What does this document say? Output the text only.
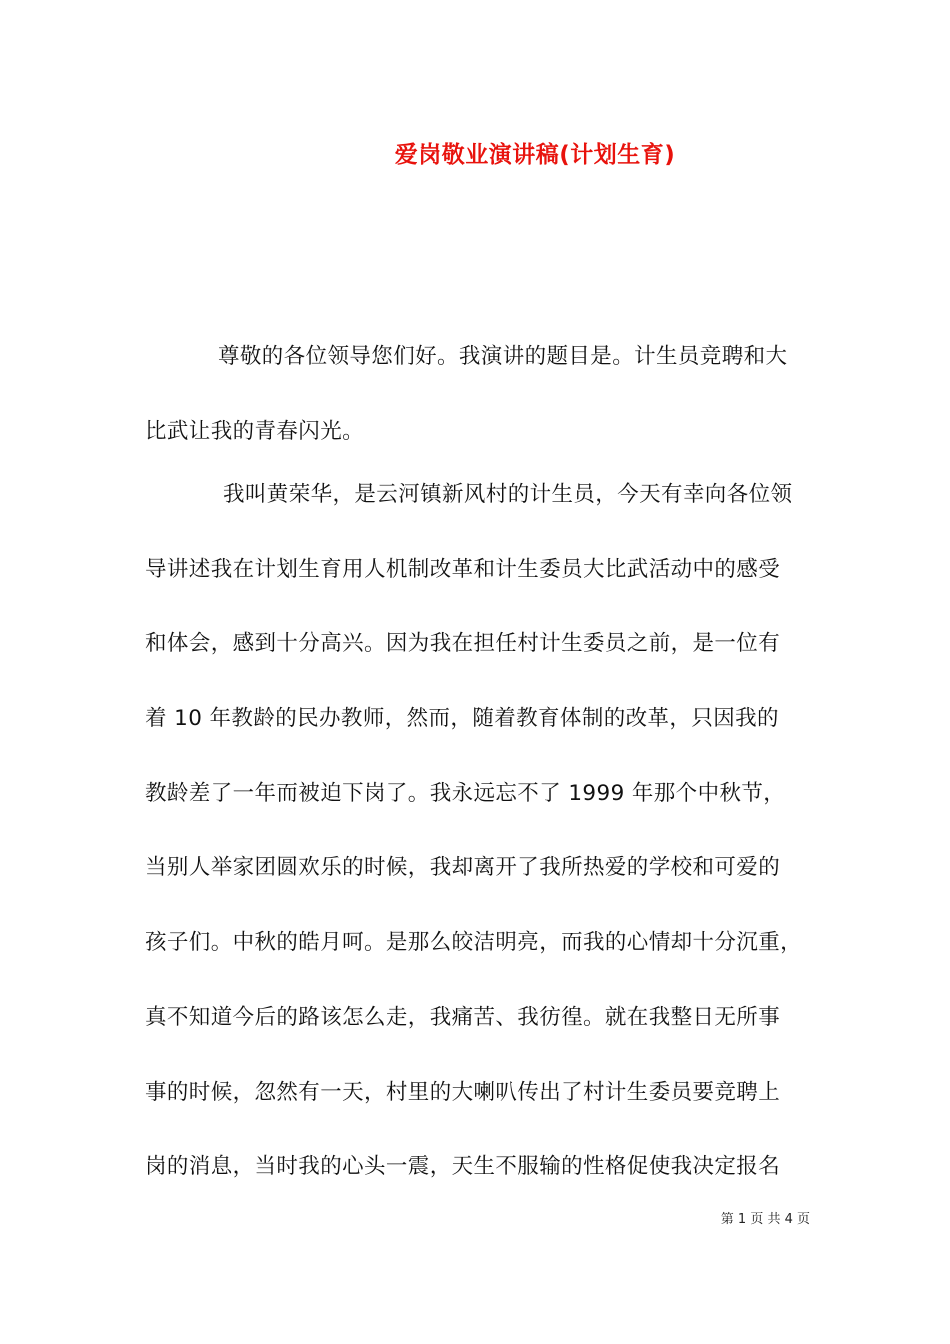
爱岗敬业演讲稿(计划生育)

尊敬的各位领导您们好。我演讲的题目是。计生员竞聘和大

比武让我的青春闪光。

我叫黄荣华，是云河镇新风村的计生员，今天有幸向各位领

导讲述我在计划生育用人机制改革和计生委员大比武活动中的感受

和体会，感到十分高兴。因为我在担任村计生委员之前，是一位有

着 10 年教龄的民办教师，然而，随着教育体制的改革，只因我的

教龄差了一年而被迫下岗了。我永远忘不了 1999 年那个中秋节，

当别人举家团圆欢乐的时候，我却离开了我所热爱的学校和可爱的

孩子们。中秋的皓月呵。是那么皎洁明亮，而我的心情却十分沉重，

真不知道今后的路该怎么走，我痛苦、我彷徨。就在我整日无所事

事的时候，忽然有一天，村里的大喇叭传出了村计生委员要竞聘上

岗的消息，当时我的心头一震，天生不服输的性格促使我决定报名

第 1 页 共 4 页
